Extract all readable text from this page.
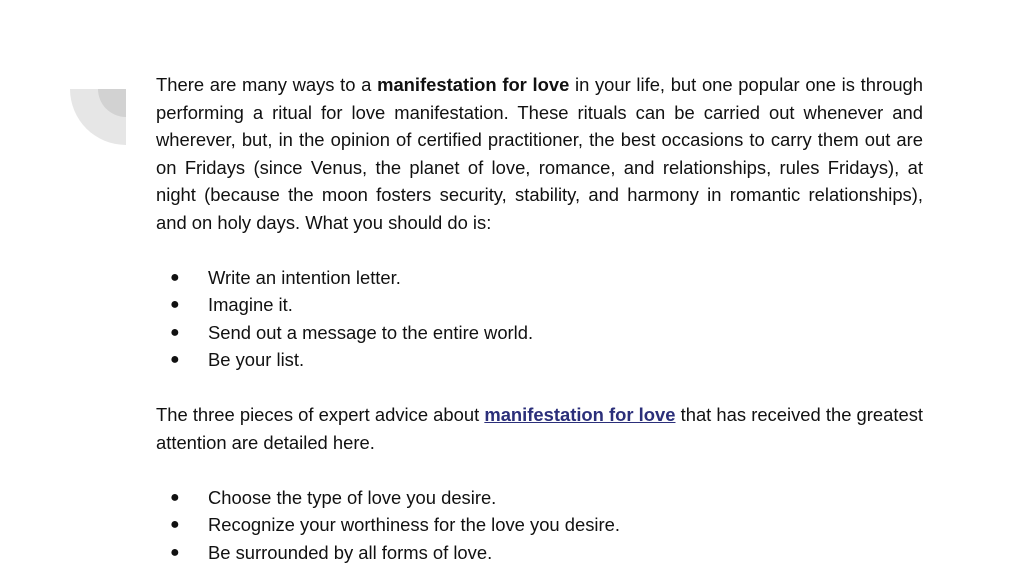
There are many ways to a manifestation for love in your life, but one popular one is through performing a ritual for love manifestation. These rituals can be carried out whenever and wherever, but, in the opinion of certified practitioner, the best occasions to carry them out are on Fridays (since Venus, the planet of love, romance, and relationships, rules Fridays), at night (because the moon fosters security, stability, and harmony in romantic relationships), and on holy days. What you should do is:

● Write an intention letter.
● Imagine it.
● Send out a message to the entire world.
● Be your list.

The three pieces of expert advice about manifestation for love that has received the greatest attention are detailed here.

● Choose the type of love you desire.
● Recognize your worthiness for the love you desire.
● Be surrounded by all forms of love.
